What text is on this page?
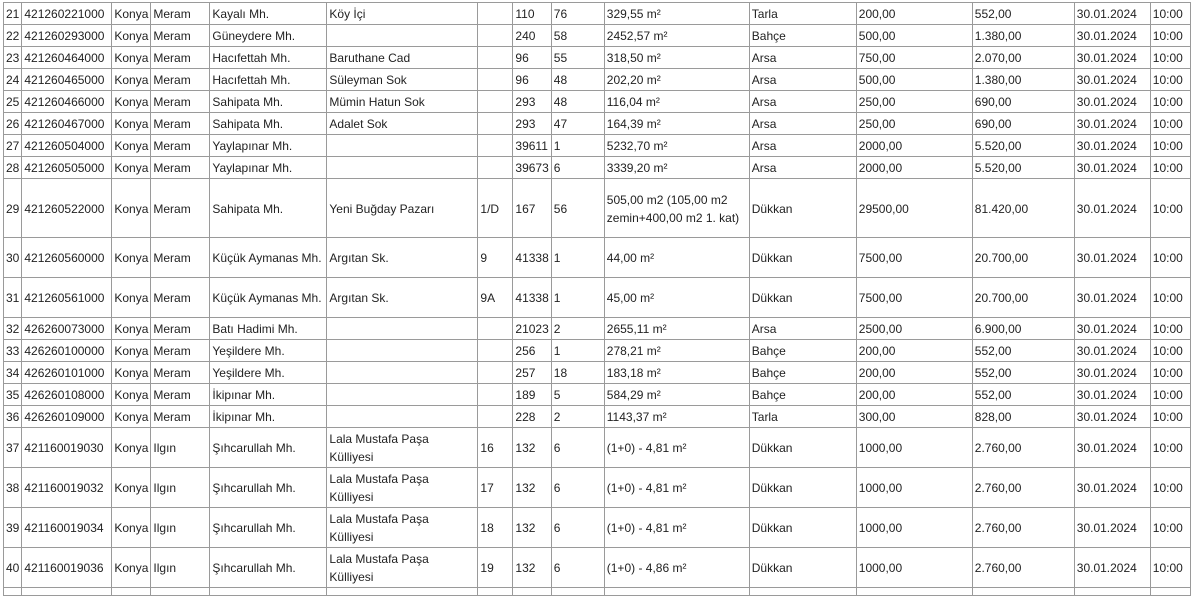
21	421260221000	Konya	Meram	Kayalı Mh.	Köy İçi		110	76	329,55 m²	Tarla	200,00	552,00	30.01.2024	10:00
22	421260293000	Konya	Meram	Güneydere Mh.			240	58	2452,57 m²	Bahçe	500,00	1.380,00	30.01.2024	10:00
23	421260464000	Konya	Meram	Hacıfettah Mh.	Baruthane Cad		96	55	318,50 m²	Arsa	750,00	2.070,00	30.01.2024	10:00
24	421260465000	Konya	Meram	Hacıfettah Mh.	Süleyman Sok		96	48	202,20 m²	Arsa	500,00	1.380,00	30.01.2024	10:00
25	421260466000	Konya	Meram	Sahipata Mh.	Mümin Hatun Sok		293	48	116,04 m²	Arsa	250,00	690,00	30.01.2024	10:00
26	421260467000	Konya	Meram	Sahipata Mh.	Adalet Sok		293	47	164,39 m²	Arsa	250,00	690,00	30.01.2024	10:00
27	421260504000	Konya	Meram	Yaylapınar Mh.			39611	1	5232,70 m²	Arsa	2000,00	5.520,00	30.01.2024	10:00
28	421260505000	Konya	Meram	Yaylapınar Mh.			39673	6	3339,20 m²	Arsa	2000,00	5.520,00	30.01.2024	10:00
29	421260522000	Konya	Meram	Sahipata Mh.	Yeni Buğday Pazarı	1/D	167	56	505,00 m2 (105,00 m2 zemin+400,00 m2 1. kat)	Dükkan	29500,00	81.420,00	30.01.2024	10:00
30	421260560000	Konya	Meram	Küçük Aymanas Mh.	Argıtan Sk.	9	41338	1	44,00 m²	Dükkan	7500,00	20.700,00	30.01.2024	10:00
31	421260561000	Konya	Meram	Küçük Aymanas Mh.	Argıtan Sk.	9A	41338	1	45,00 m²	Dükkan	7500,00	20.700,00	30.01.2024	10:00
32	426260073000	Konya	Meram	Batı Hadimi Mh.			21023	2	2655,11 m²	Arsa	2500,00	6.900,00	30.01.2024	10:00
33	426260100000	Konya	Meram	Yeşildere Mh.			256	1	278,21 m²	Bahçe	200,00	552,00	30.01.2024	10:00
34	426260101000	Konya	Meram	Yeşildere Mh.			257	18	183,18 m²	Bahçe	200,00	552,00	30.01.2024	10:00
35	426260108000	Konya	Meram	İkipınar Mh.			189	5	584,29 m²	Bahçe	200,00	552,00	30.01.2024	10:00
36	426260109000	Konya	Meram	İkipınar Mh.			228	2	1143,37 m²	Tarla	300,00	828,00	30.01.2024	10:00
37	421160019030	Konya	Ilgın	Şıhcarullah Mh.	Lala Mustafa Paşa Külliyesi	16	132	6	(1+0) - 4,81 m²	Dükkan	1000,00	2.760,00	30.01.2024	10:00
38	421160019032	Konya	Ilgın	Şıhcarullah Mh.	Lala Mustafa Paşa Külliyesi	17	132	6	(1+0) - 4,81 m²	Dükkan	1000,00	2.760,00	30.01.2024	10:00
39	421160019034	Konya	Ilgın	Şıhcarullah Mh.	Lala Mustafa Paşa Külliyesi	18	132	6	(1+0) - 4,81 m²	Dükkan	1000,00	2.760,00	30.01.2024	10:00
40	421160019036	Konya	Ilgın	Şıhcarullah Mh.	Lala Mustafa Paşa Külliyesi	19	132	6	(1+0) - 4,86 m²	Dükkan	1000,00	2.760,00	30.01.2024	10:00
